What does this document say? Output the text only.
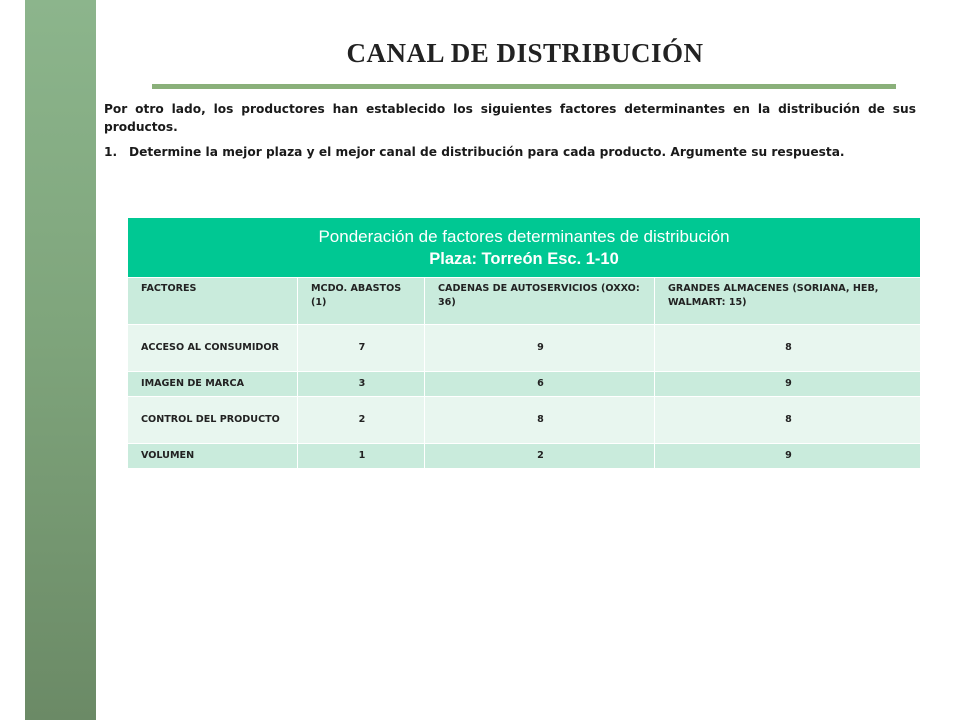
CANAL DE DISTRIBUCIÓN

Por otro lado, los productores han establecido los siguientes factores determinantes en la distribución de sus productos.

1. Determine la mejor plaza y el mejor canal de distribución para cada producto. Argumente su respuesta.

Ponderación de factores determinantes de distribución
Plaza: Torreón Esc. 1-10			

FACTORES	MCDO. ABASTOS (1)	CADENAS DE AUTOSERVICIOS (OXXO: 36)	GRANDES ALMACENES (SORIANA, HEB, WALMART: 15)
ACCESO AL CONSUMIDOR	7	9	8
IMAGEN DE MARCA	3	6	9
CONTROL DEL PRODUCTO	2	8	8
VOLUMEN	1	2	9
